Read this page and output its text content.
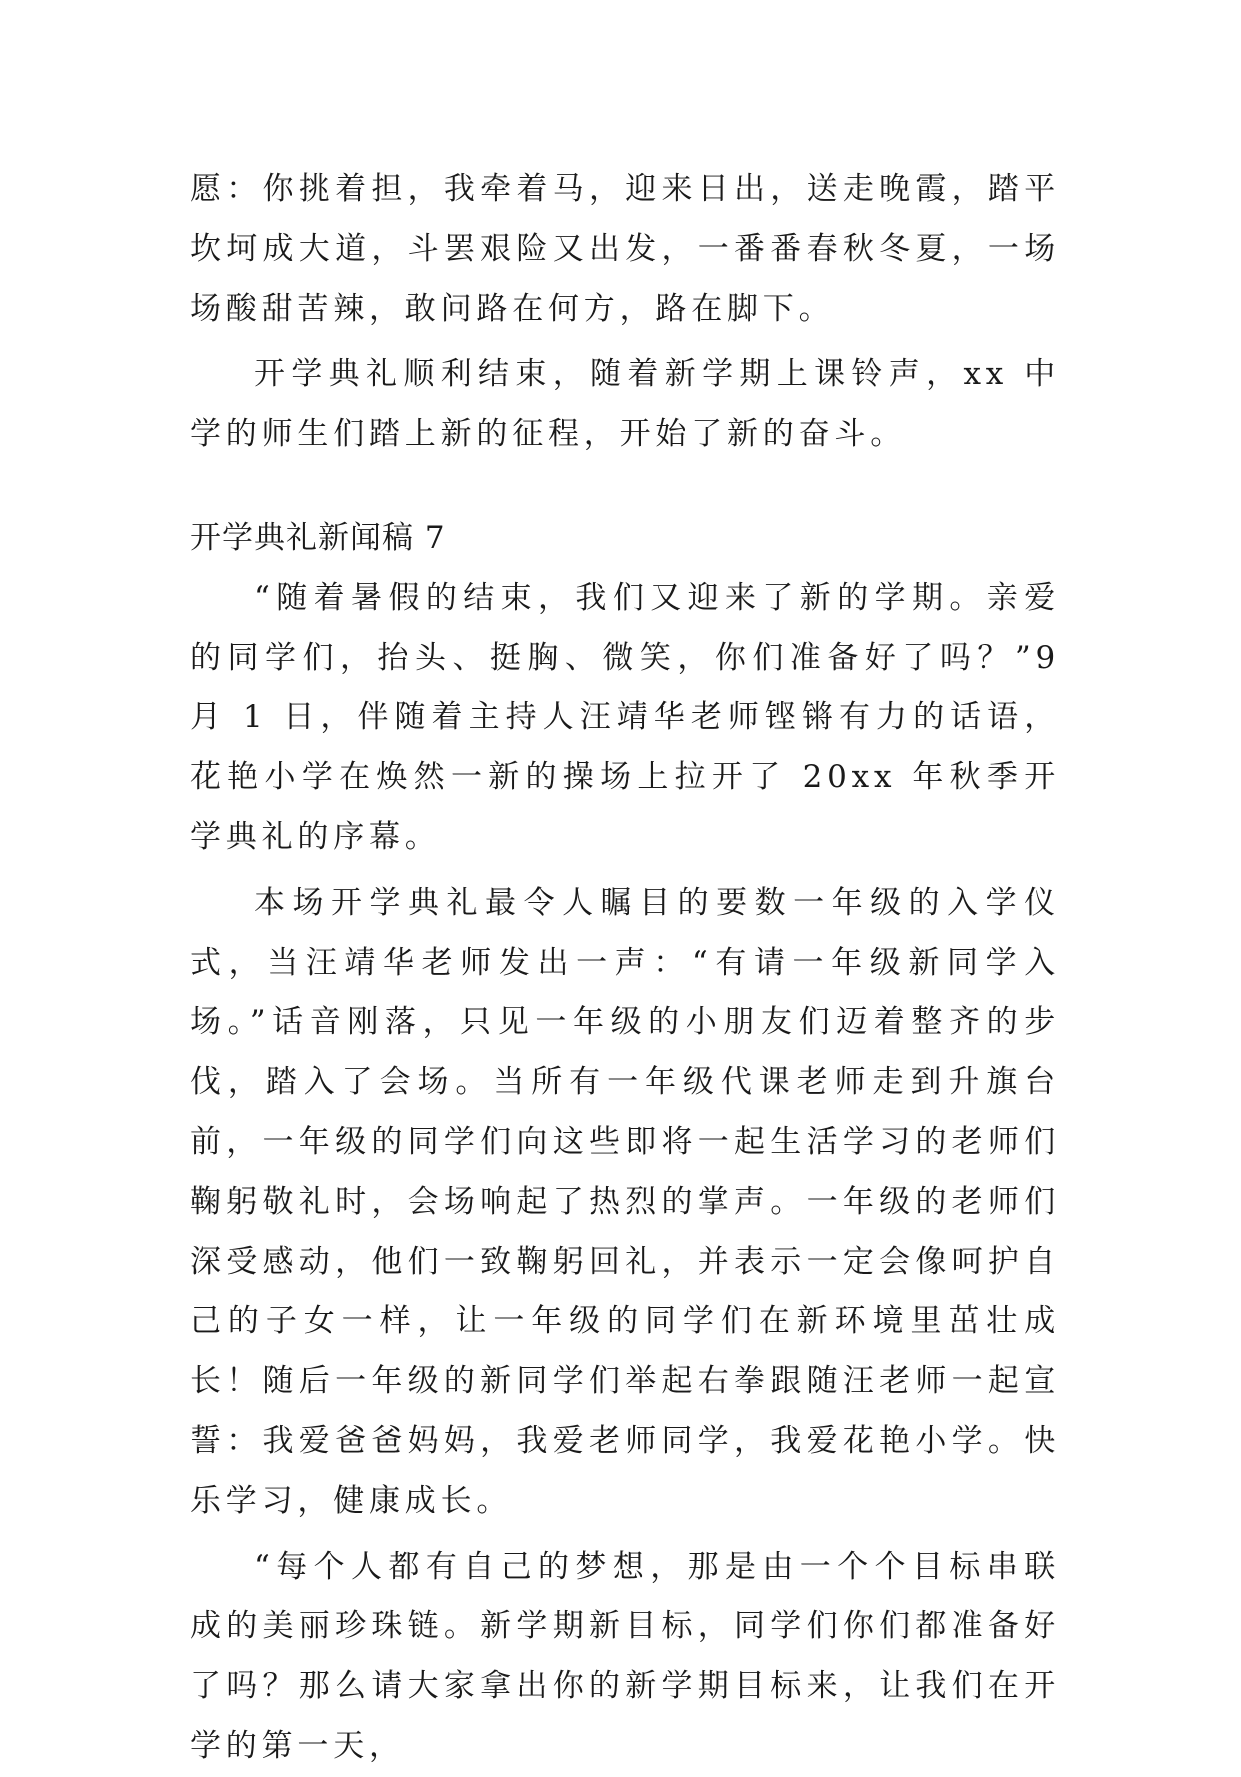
愿：你挑着担，我牵着马，迎来日出，送走晚霞，踏平坎坷成大道，斗罢艰险又出发，一番番春秋冬夏，一场场酸甜苦辣，敢问路在何方，路在脚下。

开学典礼顺利结束，随着新学期上课铃声，xx 中学的师生们踏上新的征程，开始了新的奋斗。

开学典礼新闻稿 7

“随着暑假的结束，我们又迎来了新的学期。亲爱的同学们，抬头、挺胸、微笑，你们准备好了吗？”9 月 1 日，伴随着主持人汪靖华老师铿锵有力的话语，花艳小学在焕然一新的操场上拉开了 20xx 年秋季开学典礼的序幕。

本场开学典礼最令人瞩目的要数一年级的入学仪式，当汪靖华老师发出一声：“有请一年级新同学入场。”话音刚落，只见一年级的小朋友们迈着整齐的步伐，踏入了会场。当所有一年级代课老师走到升旗台前，一年级的同学们向这些即将一起生活学习的老师们鞠躬敬礼时，会场响起了热烈的掌声。一年级的老师们深受感动，他们一致鞠躬回礼，并表示一定会像呵护自己的子女一样，让一年级的同学们在新环境里茁壮成长！随后一年级的新同学们举起右拳跟随汪老师一起宣誓：我爱爸爸妈妈，我爱老师同学，我爱花艳小学。快乐学习，健康成长。

“每个人都有自己的梦想，那是由一个个目标串联成的美丽珍珠链。新学期新目标，同学们你们都准备好了吗？那么请大家拿出你的新学期目标来，让我们在开学的第一天，
